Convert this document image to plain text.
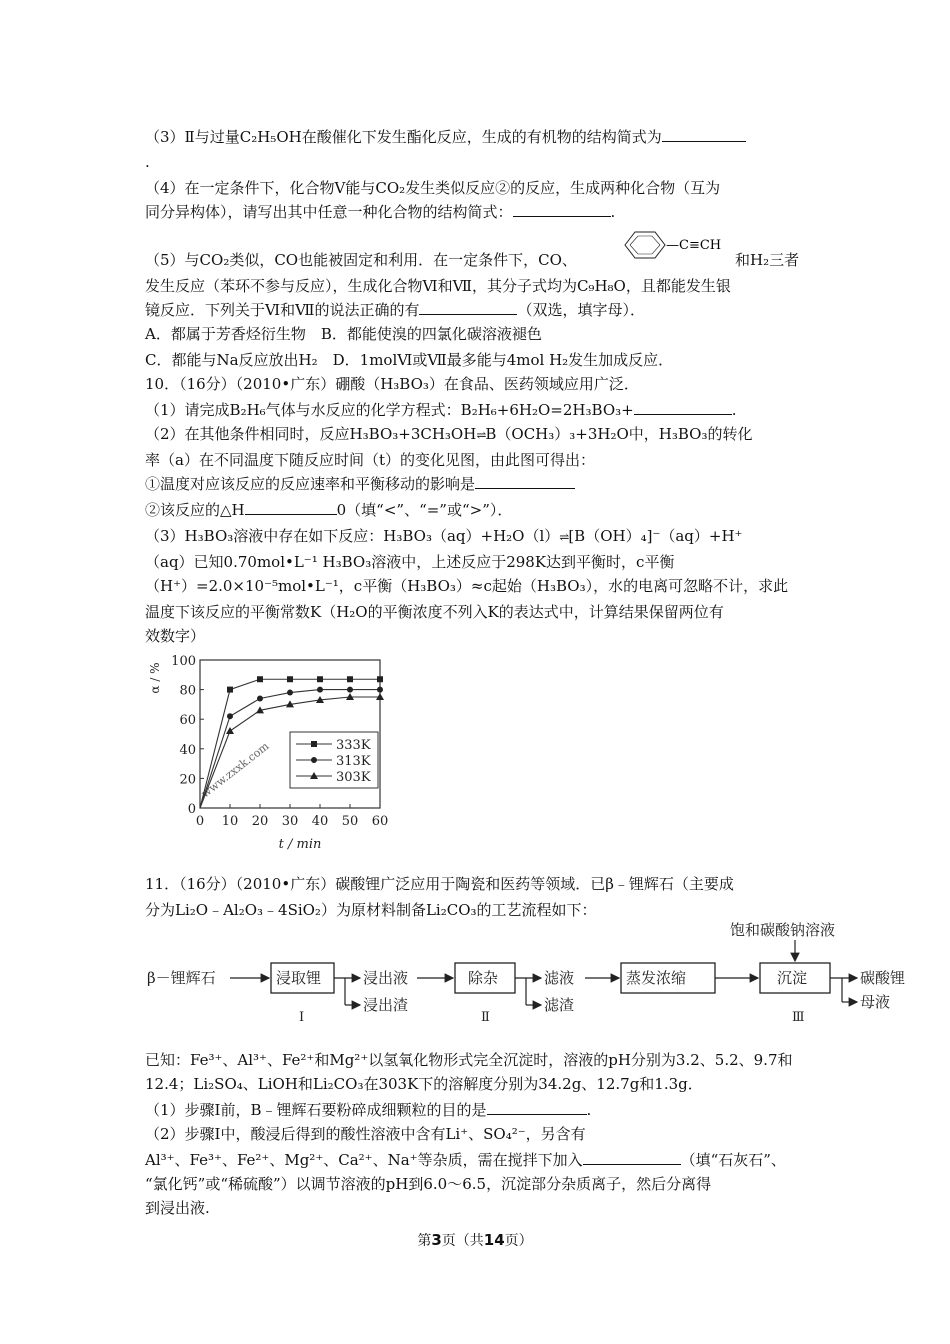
（3）Ⅱ与过量C₂H₅OH在酸催化下发生酯化反应，生成的有机物的结构简式为
.
（4）在一定条件下，化合物Ⅴ能与CO₂发生类似反应②的反应，生成两种化合物（互为
同分异构体），请写出其中任意一种化合物的结构简式：	.
（5）与CO₂类似，CO也能被固定和利用．在一定条件下，CO、
—C≡CH
和H₂三者
发生反应（苯环不参与反应），生成化合物Ⅵ和Ⅶ，其分子式均为C₉H₈O，且都能发生银
镜反应．下列关于Ⅵ和Ⅶ的说法正确的有	（双选，填字母）．
A．都属于芳香烃衍生物　B．都能使溴的四氯化碳溶液褪色
C．都能与Na反应放出H₂　D．1molⅥ或Ⅶ最多能与4mol H₂发生加成反应．
10．（16分）（2010•广东）硼酸（H₃BO₃）在食品、医药领域应用广泛．
（1）请完成B₂H₆气体与水反应的化学方程式：B₂H₆+6H₂O=2H₃BO₃+	.
（2）在其他条件相同时，反应H₃BO₃+3CH₃OH⇌B（OCH₃）₃+3H₂O中，H₃BO₃的转化
率（a）在不同温度下随反应时间（t）的变化见图，由此图可得出：
①温度对应该反应的反应速率和平衡移动的影响是
②该反应的△H	0（填“<”、“=”或“>”）．
（3）H₃BO₃溶液中存在如下反应：H₃BO₃（aq）+H₂O（l）⇌[B（OH）₄]⁻（aq）+H⁺
（aq）已知0.70mol•L⁻¹ H₃BO₃溶液中，上述反应于298K达到平衡时，c平衡
（H⁺）=2.0×10⁻⁵mol•L⁻¹，c平衡（H₃BO₃）≈c起始（H₃BO₃），水的电离可忽略不计，求此
温度下该反应的平衡常数K（H₂O的平衡浓度不列入K的表达式中，计算结果保留两位有
效数字）
0 10 20 30 40 50 60
0
20
40
60
80
100
t / min
α / %
www.zxxk.com	333K
313K
303K
11．（16分）（2010•广东）碳酸锂广泛应用于陶瓷和医药等领域．已β﹣锂辉石（主要成
分为Li₂O﹣Al₂O₃﹣4SiO₂）为原材料制备Li₂CO₃的工艺流程如下：
β－锂辉石	浸取锂	浸出液
浸出渣
Ⅰ
除杂	滤液
滤渣
Ⅱ
蒸发浓缩	沉淀
饱和碳酸钠溶液
碳酸锂
母液
Ⅲ
已知：Fe³⁺、Al³⁺、Fe²⁺和Mg²⁺以氢氧化物形式完全沉淀时，溶液的pH分别为3.2、5.2、9.7和
12.4；Li₂SO₄、LiOH和Li₂CO₃在303K下的溶解度分别为34.2g、12.7g和1.3g．
（1）步骤Ⅰ前，B﹣锂辉石要粉碎成细颗粒的目的是	.
（2）步骤Ⅰ中，酸浸后得到的酸性溶液中含有Li⁺、SO₄²⁻，另含有
Al³⁺、Fe³⁺、Fe²⁺、Mg²⁺、Ca²⁺、Na⁺等杂质，需在搅拌下加入	（填“石灰石”、
“氯化钙”或“稀硫酸”）以调节溶液的pH到6.0～6.5，沉淀部分杂质离子，然后分离得
到浸出液.
第3页（共14页）
